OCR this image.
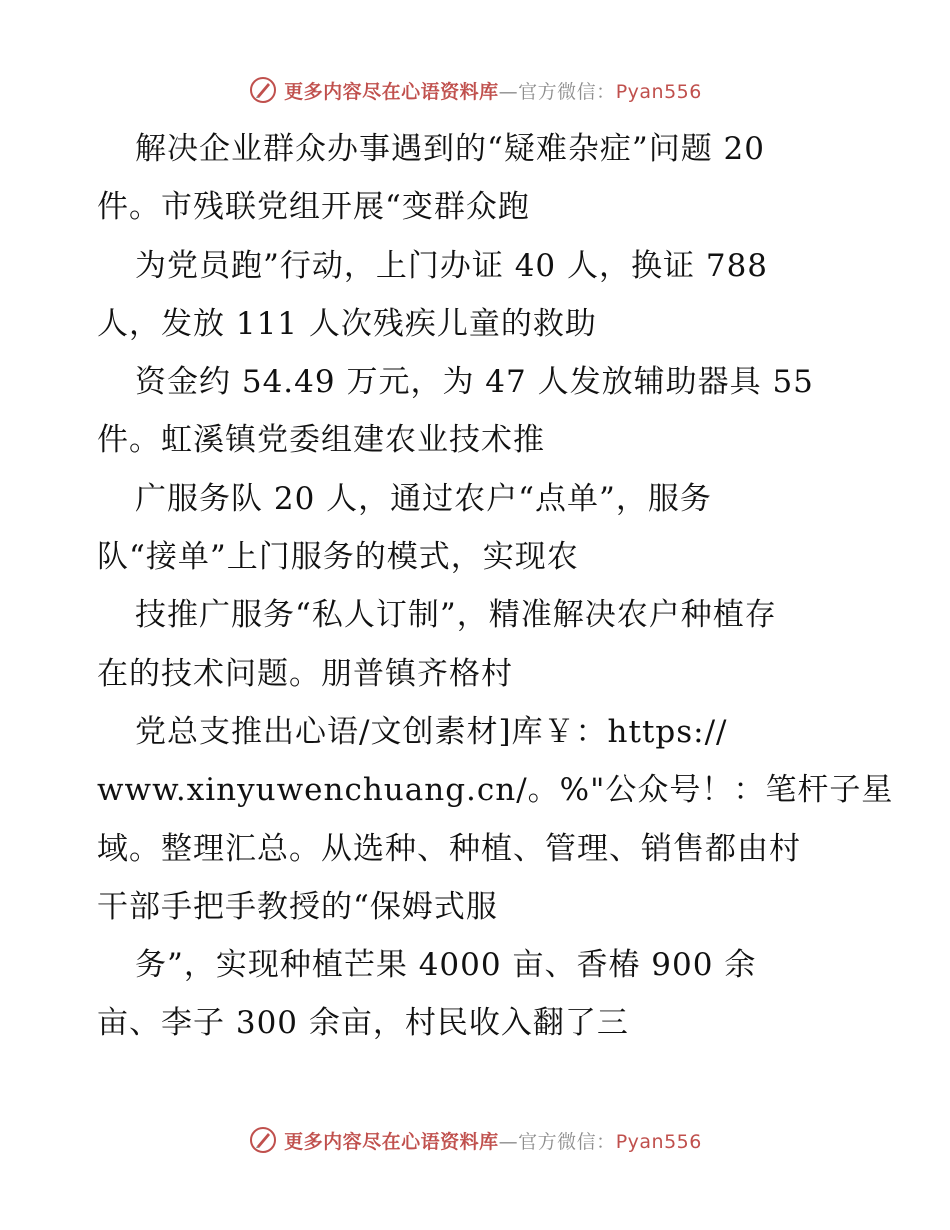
更多内容尽在心语资料库—官方微信：Pyan556
解决企业群众办事遇到的“疑难杂症”问题 20
件。市残联党组开展“变群众跑
为党员跑”行动，上门办证 40 人，换证 788
人，发放 111 人次残疾儿童的救助
资金约 54.49 万元，为 47 人发放辅助器具 55
件。虹溪镇党委组建农业技术推
广服务队 20 人，通过农户“点单”，服务
队“接单”上门服务的模式，实现农
技推广服务“私人订制”，精准解决农户种植存
在的技术问题。朋普镇齐格村
党总支推出心语/文创素材]库￥：https://
www.xinyuwenchuang.cn/。%"公众号！：笔杆子星
域。整理汇总。从选种、种植、管理、销售都由村
干部手把手教授的“保姆式服
务”，实现种植芒果 4000 亩、香椿 900 余
亩、李子 300 余亩，村民收入翻了三
更多内容尽在心语资料库—官方微信：Pyan556
